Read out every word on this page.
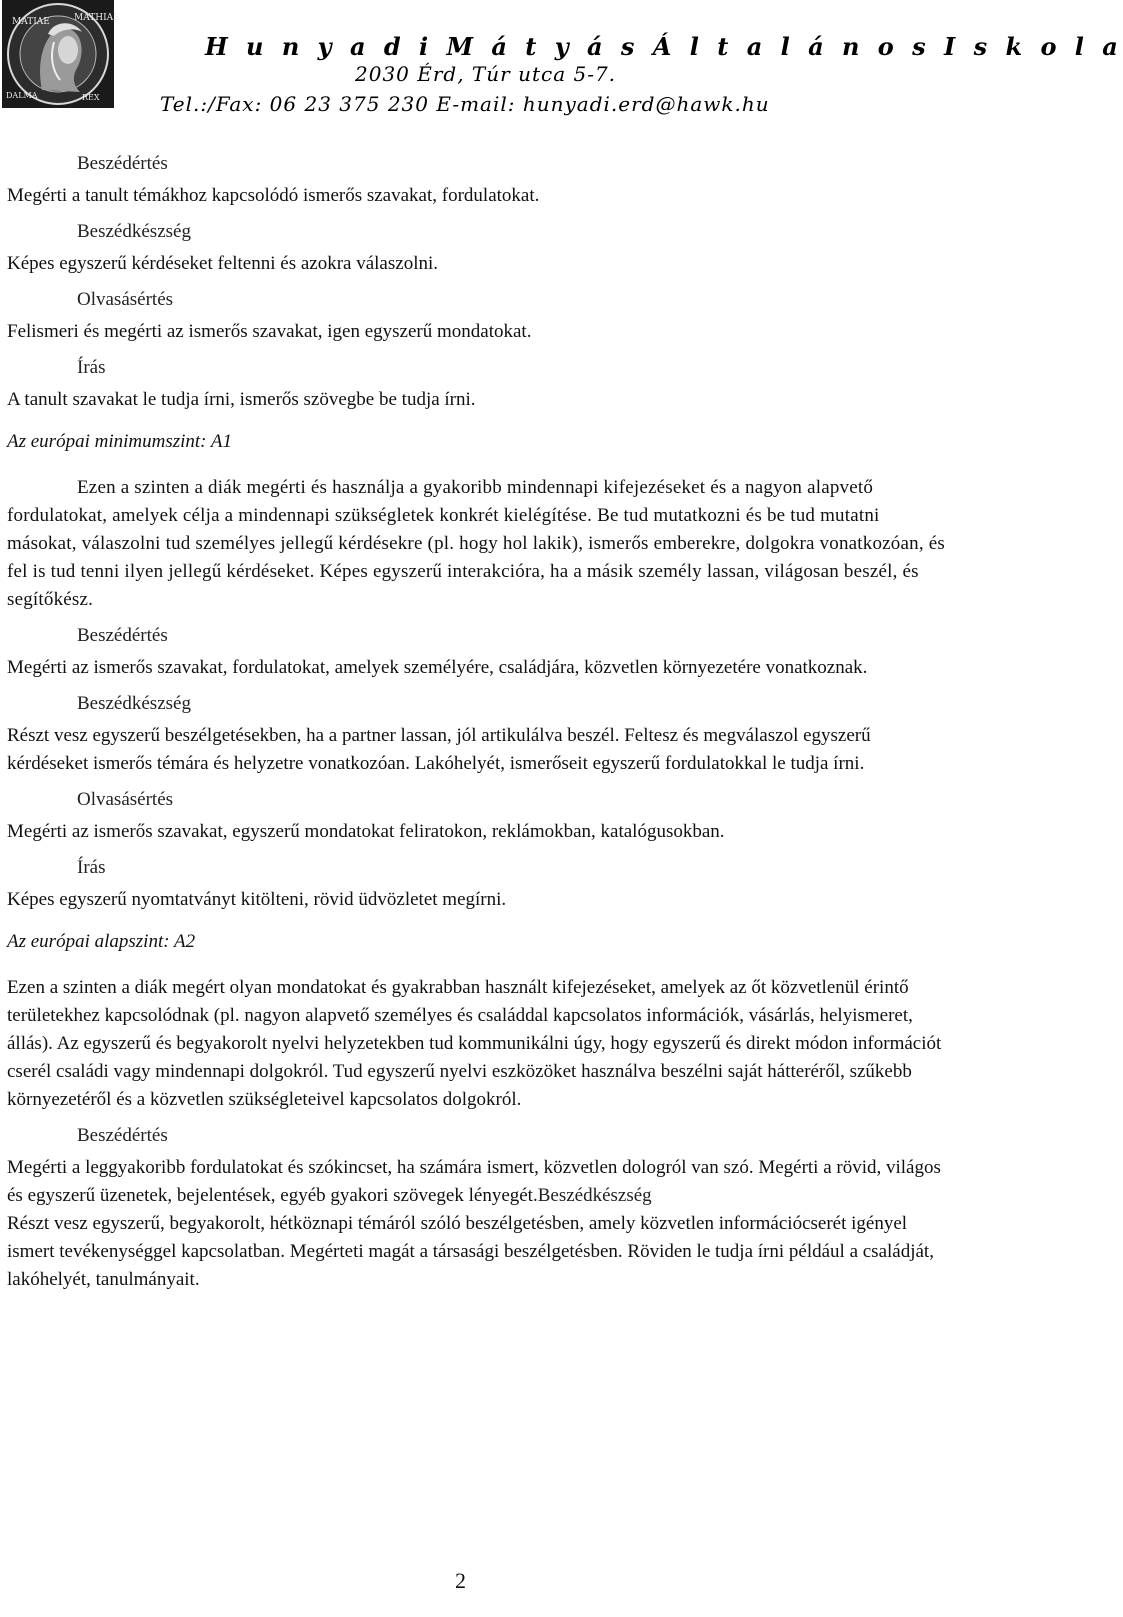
MATIAE	MATHIAS
DALMA	REX
H u n y a d i M á t y á s Á l t a l á n o s I s k o l a
2030 Érd, Túr utca 5-7.
Tel.:/Fax: 06 23 375 230 E-mail: hunyadi.erd@hawk.hu
Beszédértés
Megérti a tanult témákhoz kapcsolódó ismerős szavakat, fordulatokat.
Beszédkészség
Képes egyszerű kérdéseket feltenni és azokra válaszolni.
Olvasásértés
Felismeri és megérti az ismerős szavakat, igen egyszerű mondatokat.
Írás
A tanult szavakat le tudja írni, ismerős szövegbe be tudja írni.
Az európai minimumszint: A1
Ezen a szinten a diák megérti és használja a gyakoribb mindennapi kifejezéseket és a nagyon alapvető fordulatokat, amelyek célja a mindennapi szükségletek konkrét kielégítése. Be tud mutatkozni és be tud mutatni másokat, válaszolni tud személyes jellegű kérdésekre (pl. hogy hol lakik), ismerős emberekre, dolgokra vonatkozóan, és fel is tud tenni ilyen jellegű kérdéseket. Képes egyszerű interakcióra, ha a másik személy lassan, világosan beszél, és segítőkész.
Beszédértés
Megérti az ismerős szavakat, fordulatokat, amelyek személyére, családjára, közvetlen környezetére vonatkoznak.
Beszédkészség
Részt vesz egyszerű beszélgetésekben, ha a partner lassan, jól artikulálva beszél. Feltesz és megválaszol egyszerű kérdéseket ismerős témára és helyzetre vonatkozóan. Lakóhelyét, ismerőseit egyszerű fordulatokkal le tudja írni.
Olvasásértés
Megérti az ismerős szavakat, egyszerű mondatokat feliratokon, reklámokban, katalógusokban.
Írás
Képes egyszerű nyomtatványt kitölteni, rövid üdvözletet megírni.
Az európai alapszint: A2
Ezen a szinten a diák megért olyan mondatokat és gyakrabban használt kifejezéseket, amelyek az őt közvetlenül érintő területekhez kapcsolódnak (pl. nagyon alapvető személyes és családdal kapcsolatos információk, vásárlás, helyismeret, állás). Az egyszerű és begyakorolt nyelvi helyzetekben tud kommunikálni úgy, hogy egyszerű és direkt módon információt cserél családi vagy mindennapi dolgokról. Tud egyszerű nyelvi eszközöket használva beszélni saját hátteréről, szűkebb környezetéről és a közvetlen szükségleteivel kapcsolatos dolgokról.
Beszédértés
Megérti a leggyakoribb fordulatokat és szókincset, ha számára ismert, közvetlen dologról van szó. Megérti a rövid, világos és egyszerű üzenetek, bejelentések, egyéb gyakori szövegek lényegét.Beszédkészség
Részt vesz egyszerű, begyakorolt, hétköznapi témáról szóló beszélgetésben, amely közvetlen információcserét igényel ismert tevékenységgel kapcsolatban. Megérteti magát a társasági beszélgetésben. Röviden le tudja írni például a családját, lakóhelyét, tanulmányait.
2
